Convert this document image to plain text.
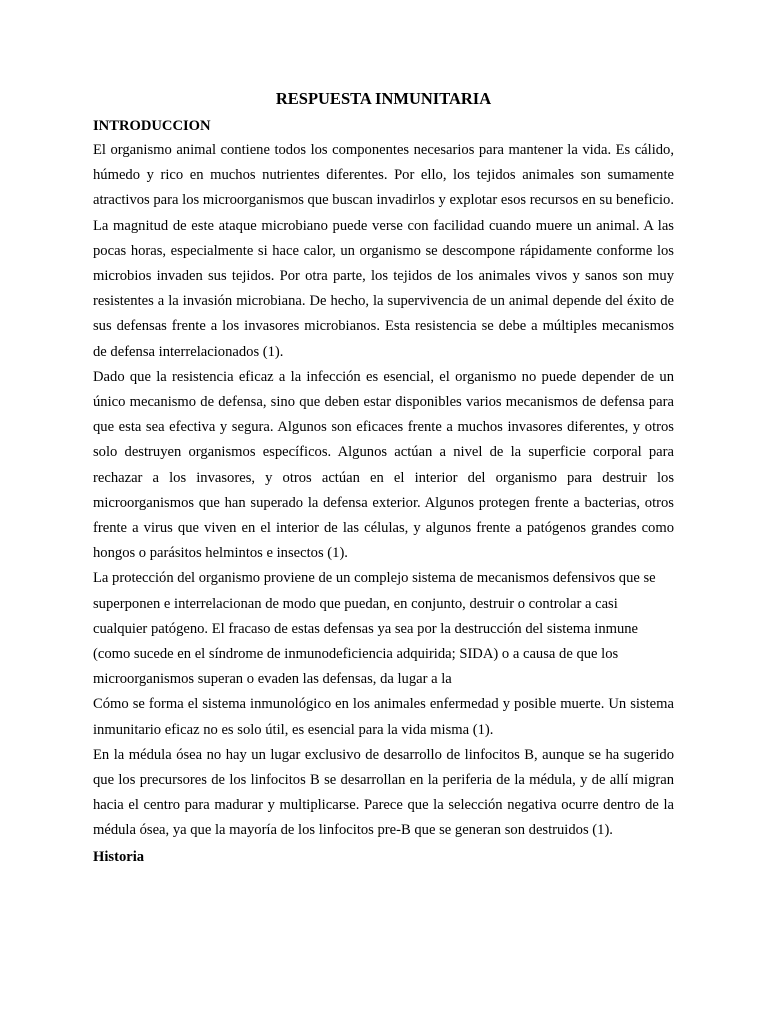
RESPUESTA INMUNITARIA
INTRODUCCION

El organismo animal contiene todos los componentes necesarios para mantener la vida. Es cálido, húmedo y rico en muchos nutrientes diferentes. Por ello, los tejidos animales son sumamente atractivos para los microorganismos que buscan invadirlos y explotar esos recursos en su beneficio. La magnitud de este ataque microbiano puede verse con facilidad cuando muere un animal. A las pocas horas, especialmente si hace calor, un organismo se descompone rápidamente conforme los microbios invaden sus tejidos. Por otra parte, los tejidos de los animales vivos y sanos son muy resistentes a la invasión microbiana. De hecho, la supervivencia de un animal depende del éxito de sus defensas frente a los invasores microbianos. Esta resistencia se debe a múltiples mecanismos de defensa interrelacionados (1).

Dado que la resistencia eficaz a la infección es esencial, el organismo no puede depender de un único mecanismo de defensa, sino que deben estar disponibles varios mecanismos de defensa para que esta sea efectiva y segura. Algunos son eficaces frente a muchos invasores diferentes, y otros solo destruyen organismos específicos. Algunos actúan a nivel de la superficie corporal para rechazar a los invasores, y otros actúan en el interior del organismo para destruir los microorganismos que han superado la defensa exterior. Algunos protegen frente a bacterias, otros frente a virus que viven en el interior de las células, y algunos frente a patógenos grandes como hongos o parásitos helmintos e insectos (1).

La protección del organismo proviene de un complejo sistema de mecanismos defensivos que se superponen e interrelacionan de modo que puedan, en conjunto, destruir o controlar a casi cualquier patógeno. El fracaso de estas defensas ya sea por la destrucción del sistema inmune (como sucede en el síndrome de inmunodeficiencia adquirida; SIDA) o a causa de que los microorganismos superan o evaden las defensas, da lugar a la

Cómo se forma el sistema inmunológico en los animales enfermedad y posible muerte. Un sistema inmunitario eficaz no es solo útil, es esencial para la vida misma (1).

En la médula ósea no hay un lugar exclusivo de desarrollo de linfocitos B, aunque se ha sugerido que los precursores de los linfocitos B se desarrollan en la periferia de la médula, y de allí migran hacia el centro para madurar y multiplicarse. Parece que la selección negativa ocurre dentro de la médula ósea, ya que la mayoría de los linfocitos pre-B que se generan son destruidos (1).

Historia
